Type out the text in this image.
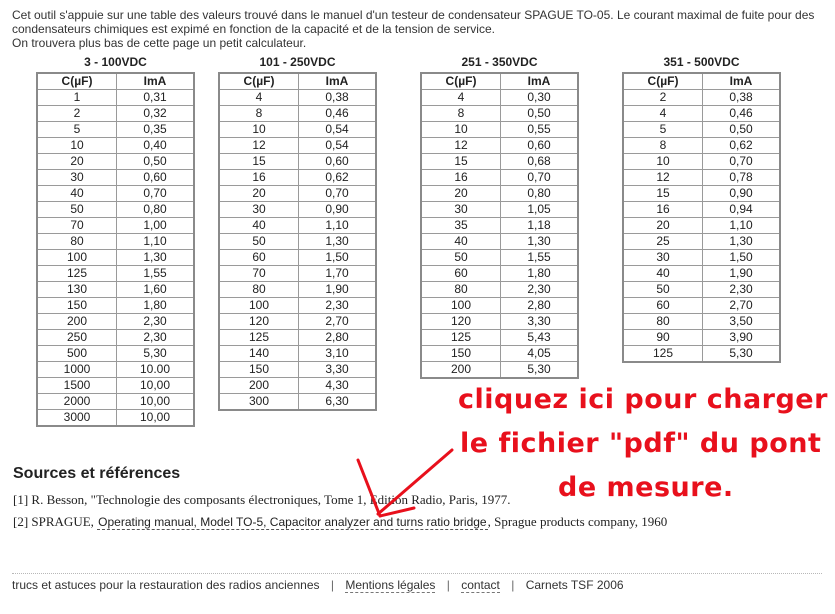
Cet outil s'appuie sur une table des valeurs trouvé dans le manuel d'un testeur de condensateur SPAGUE TO-05. Le courant maximal de fuite pour des condensateurs chimiques est expimé en fonction de la capacité et de la tension de service.

On trouvera plus bas de cette page un petit calculateur.

3 - 100VDC
C(µF)	ImA
1	0,31
2	0,32
5	0,35
10	0,40
20	0,50
30	0,60
40	0,70
50	0,80
70	1,00
80	1,10
100	1,30
125	1,55
130	1,60
150	1,80
200	2,30
250	2,30
500	5,30
1000	10.00
1500	10,00
2000	10,00
3000	10,00
101 - 250VDC
C(µF)	ImA
4	0,38
8	0,46
10	0,54
12	0,54
15	0,60
16	0,62
20	0,70
30	0,90
40	1,10
50	1,30
60	1,50
70	1,70
80	1,90
100	2,30
120	2,70
125	2,80
140	3,10
150	3,30
200	4,30
300	6,30
251 - 350VDC
C(µF)	ImA
4	0,30
8	0,50
10	0,55
12	0,60
15	0,68
16	0,70
20	0,80
30	1,05
35	1,18
40	1,30
50	1,55
60	1,80
80	2,30
100	2,80
120	3,30
125	5,43
150	4,05
200	5,30
351 - 500VDC
C(µF)	ImA
2	0,38
4	0,46
5	0,50
8	0,62
10	0,70
12	0,78
15	0,90
16	0,94
20	1,10
25	1,30
30	1,50
40	1,90
50	2,30
60	2,70
80	3,50
90	3,90
125	5,30
Sources et références
[1] R. Besson, "Technologie des composants électroniques, Tome 1, Edition Radio, Paris, 1977.
[2] SPRAGUE, Operating manual, Model TO-5, Capacitor analyzer and turns ratio bridge, Sprague products company, 1960
cliquez ici pour charger
le fichier "pdf" du pont
de mesure.
trucs et astuces pour la restauration des radios anciennes | Mentions légales | contact | Carnets TSF 2006
